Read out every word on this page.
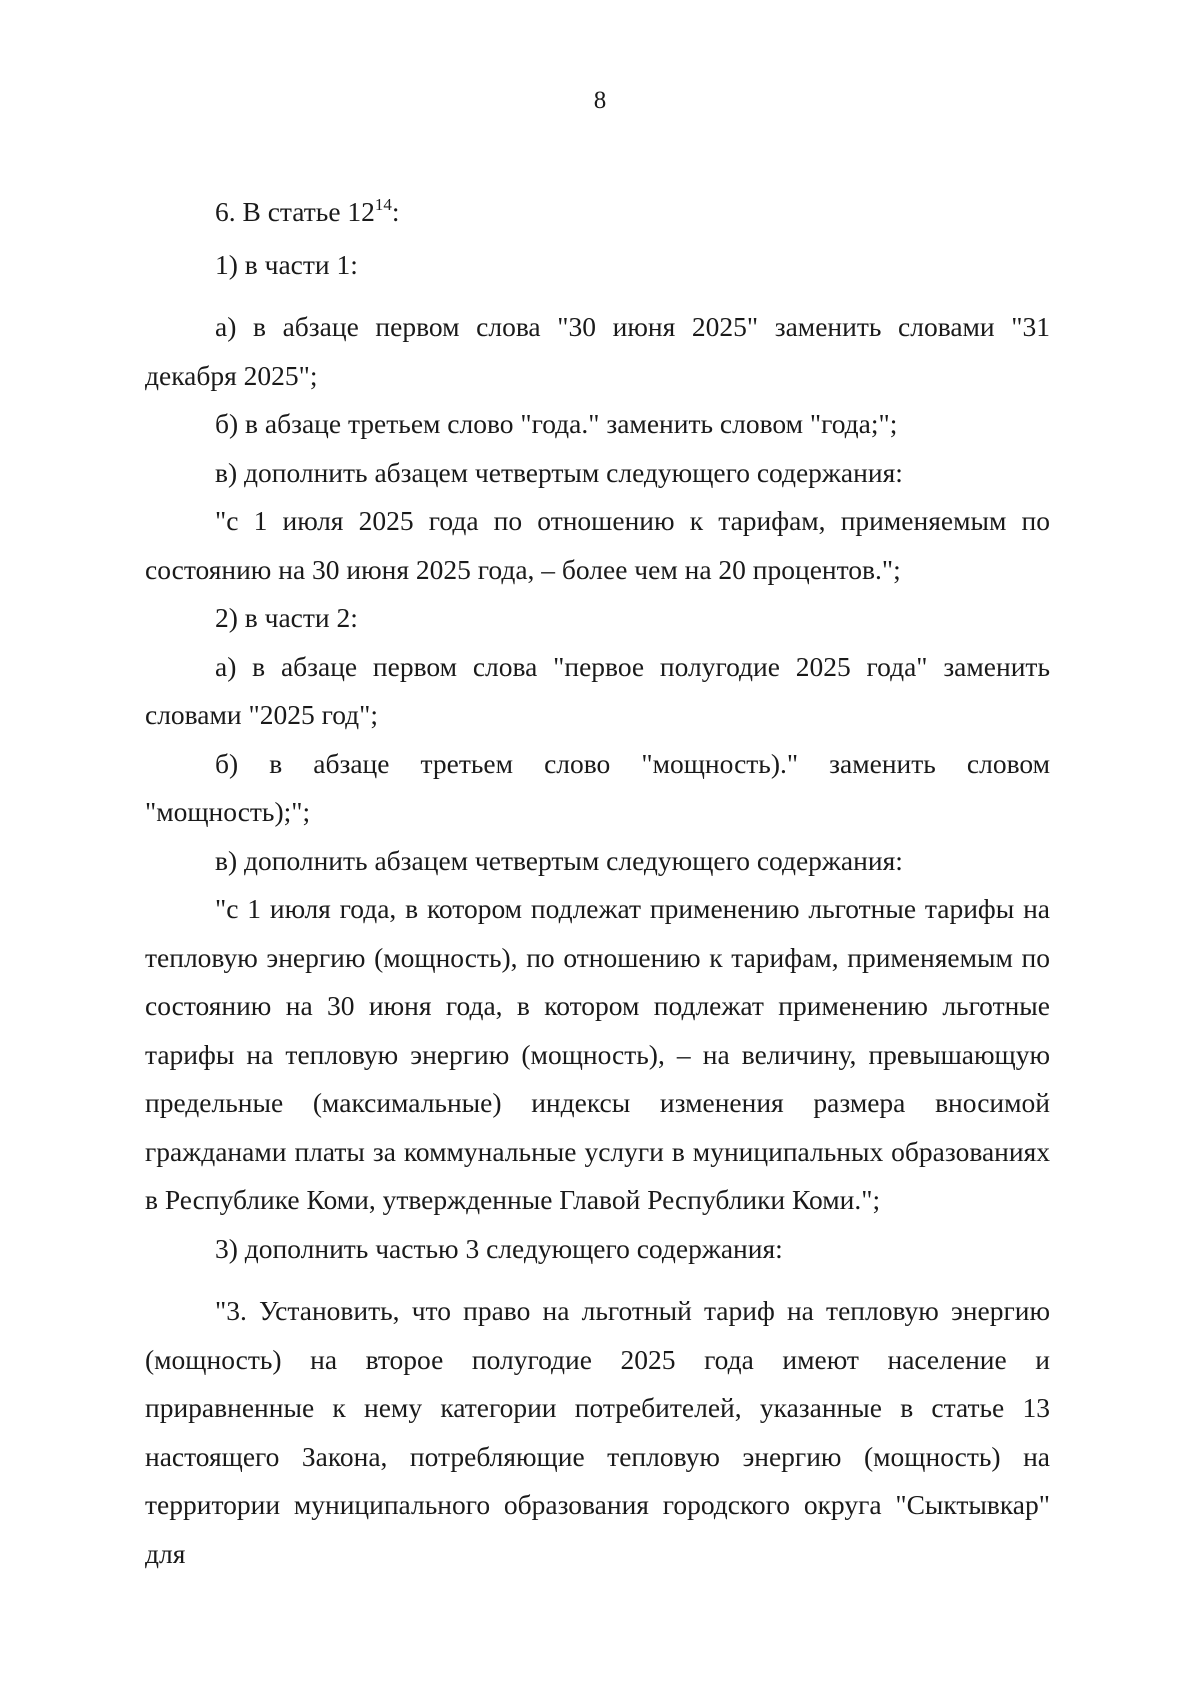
8

6. В статье $12^{14}$:

1) в части 1:

а) в абзаце первом слова "30 июня 2025" заменить словами "31 декабря 2025";

б) в абзаце третьем слово "года." заменить словом "года;";

в) дополнить абзацем четвертым следующего содержания:

"с 1 июля 2025 года по отношению к тарифам, применяемым по состоянию на 30 июня 2025 года, – более чем на 20 процентов.";

2) в части 2:

а) в абзаце первом слова "первое полугодие 2025 года" заменить словами "2025 год";

б) в абзаце третьем слово "мощность)." заменить словом "мощность);";

в) дополнить абзацем четвертым следующего содержания:

"с 1 июля года, в котором подлежат применению льготные тарифы на тепловую энергию (мощность), по отношению к тарифам, применяемым по состоянию на 30 июня года, в котором подлежат применению льготные тарифы на тепловую энергию (мощность), – на величину, превышающую предельные (максимальные) индексы изменения размера вносимой гражданами платы за коммунальные услуги в муниципальных образованиях в Республике Коми, утвержденные Главой Республики Коми.";

3) дополнить частью 3 следующего содержания:

"3. Установить, что право на льготный тариф на тепловую энергию (мощность) на второе полугодие 2025 года имеют население и приравненные к нему категории потребителей, указанные в статье 13 настоящего Закона, потребляющие тепловую энергию (мощность) на территории муниципального образования городского округа "Сыктывкар" для
